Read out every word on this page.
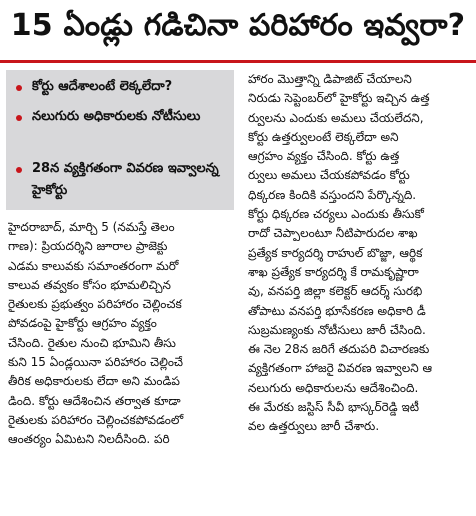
15 ఏండ్లు గడిచినా పరిహారం ఇవ్వరా?
కోర్టు ఆదేశాలంటే లెక్కలేదా?
నలుగురు అధికారులకు నోటీసులు
28న వ్యక్తిగతంగా వివరణ ఇవ్వాలన్న హైకోర్టు
హైదరాబాద్, మార్చి 5 (నమస్తే తెలం
గాణ): ప్రియదర్శిని జూరాల ప్రాజెక్టు
ఎడమ కాలువకు సమాంతరంగా మరో
కాలువ తవ్వకం కోసం భూమలిచ్చిన
రైతులకు ప్రభుత్వం పరిహారం చెల్లించక
పోవడంపై హైకోర్టు ఆగ్రహం వ్యక్తం
చేసింది. రైతుల నుంచి భూమిని తీసు
కుని 15 ఏండ్లయినా పరిహారం చెల్లించే
తీరిక అధికారులకు లేదా అని మండిప
డింది. కోర్టు ఆదేశించిన తర్వాత కూడా
రైతులకు పరిహారం చెల్లించకపోవడంలో
ఆంతర్యం ఏమిటని నిలదీసింది. పరి
హారం మొత్తాన్ని డిపాజిట్ చేయాలని
నిరుడు సెప్టెంబర్‌లో హైకోర్టు ఇచ్చిన ఉత్త
ర్వులను ఎందుకు అమలు చేయలేదని,
కోర్టు ఉత్తర్వులంటే లెక్కలేదా అని
ఆగ్రహం వ్యక్తం చేసింది. కోర్టు ఉత్త
ర్వులు అమలు చేయకపోవడం కోర్టు
ధిక్కరణ కిందికి వస్తుందని పేర్కొన్నది.
కోర్టు ధిక్కరణ చర్యలు ఎందుకు తీసుకో
రాదో చెప్పాలంటూ నీటిపారుదల శాఖ
ప్రత్యేక కార్యదర్శి రాహుల్ బొజ్జా, ఆర్థిక
శాఖ ప్రత్యేక కార్యదర్శి కే రామకృష్ణారా
వు, వనపర్తి జిల్లా కలెక్టర్ ఆదర్శ్ సురభి
తోపాటు వనపర్తి భూసేకరణ అధికారి డీ
సుబ్రమణ్యంకు నోటీసులు జారీ చేసింది.
ఈ నెల 28న జరిగే తదుపరి విచారణకు
వ్యక్తిగతంగా హాజరై వివరణ ఇవ్వాలని ఆ
నలుగురు అధికారులను ఆదేశించింది.
ఈ మేరకు జస్టిస్ సీవీ భాస్కర్‌రెడ్డి ఇటీ
వల ఉత్తర్వులు జారీ చేశారు.
